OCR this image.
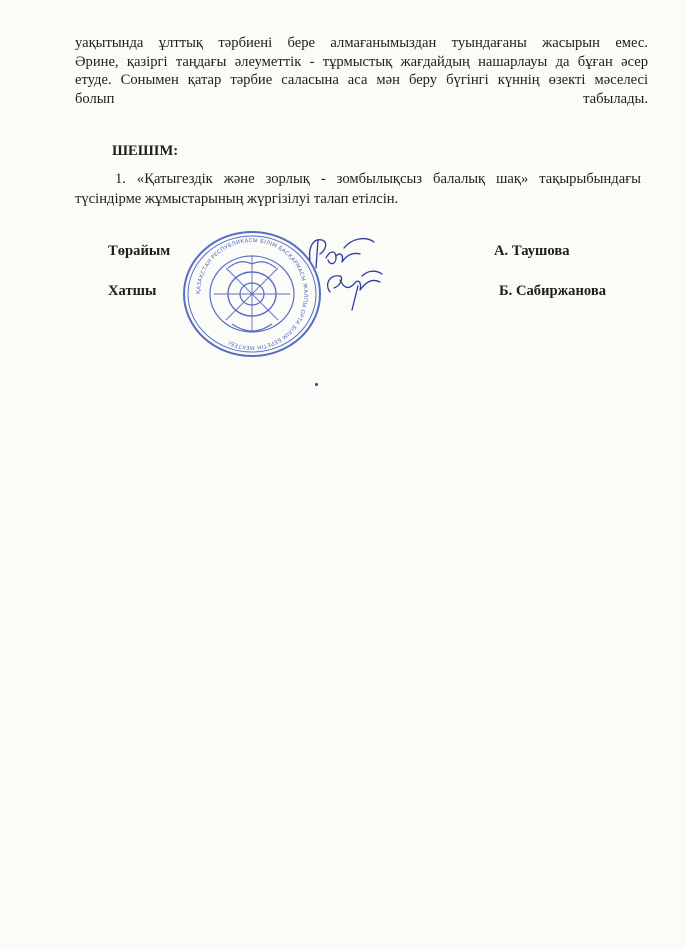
уақытында ұлттық тәрбиені бере алмағанымыздан туындағаны жасырын емес.
Әрине, қазіргі таңдағы әлеуметтік - тұрмыстық жағдайдың нашарлауы да бұған әсер
етуде. Сонымен қатар тәрбие саласына аса мән беру бүгінгі күннің өзекті мәселесі
болып	табылады.

ШЕШІМ:

1. «Қатыгездік және зорлық - зомбылықсыз балалық шақ» тақырыбындағы
түсіндірме жұмыстарының жүргізілуі талап етілсін.

Төрайым	А. Таушова

Хатшы	Б. Сабиржанова

ҚАЗАҚСТАН РЕСПУБЛИКАСЫ БІЛІМ БАСҚАРМАСЫ ЖАЛПЫ ОРТА БІЛІМ БЕРЕТІН МЕКТЕБІ
